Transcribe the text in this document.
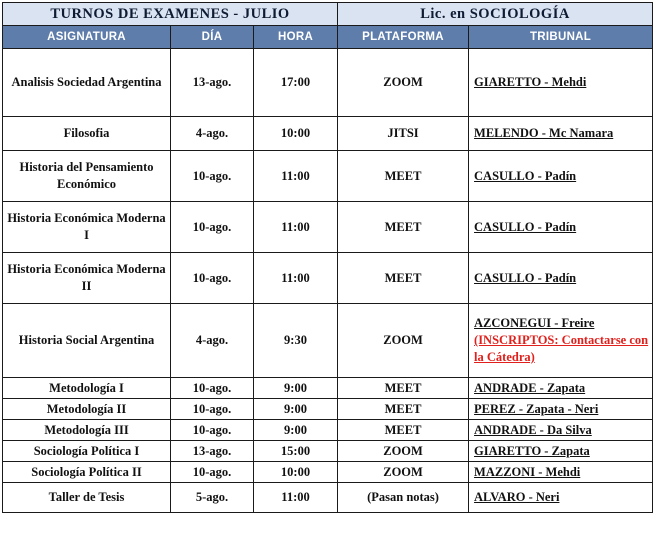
TURNOS DE EXAMENES - JULIO			Lic. en SOCIOLOGÍA	
ASIGNATURA	DÍA	HORA	PLATAFORMA	TRIBUNAL
Analisis Sociedad Argentina	13-ago.	17:00	ZOOM	GIARETTO - Mehdi
Filosofia	4-ago.	10:00	JITSI	MELENDO - Mc Namara
Historia del Pensamiento Económico	10-ago.	11:00	MEET	CASULLO - Padín
Historia Económica Moderna I	10-ago.	11:00	MEET	CASULLO - Padín
Historia Económica Moderna II	10-ago.	11:00	MEET	CASULLO - Padín
Historia Social Argentina	4-ago.	9:30	ZOOM	AZCONEGUI - Freire
(INSCRIPTOS: Contactarse con la Cátedra)
Metodología I	10-ago.	9:00	MEET	ANDRADE - Zapata
Metodología II	10-ago.	9:00	MEET	PEREZ - Zapata - Neri
Metodología III	10-ago.	9:00	MEET	ANDRADE - Da Silva
Sociología Política I	13-ago.	15:00	ZOOM	GIARETTO - Zapata
Sociología Política II	10-ago.	10:00	ZOOM	MAZZONI - Mehdi
Taller de Tesis	5-ago.	11:00	(Pasan notas)	ALVARO - Neri
